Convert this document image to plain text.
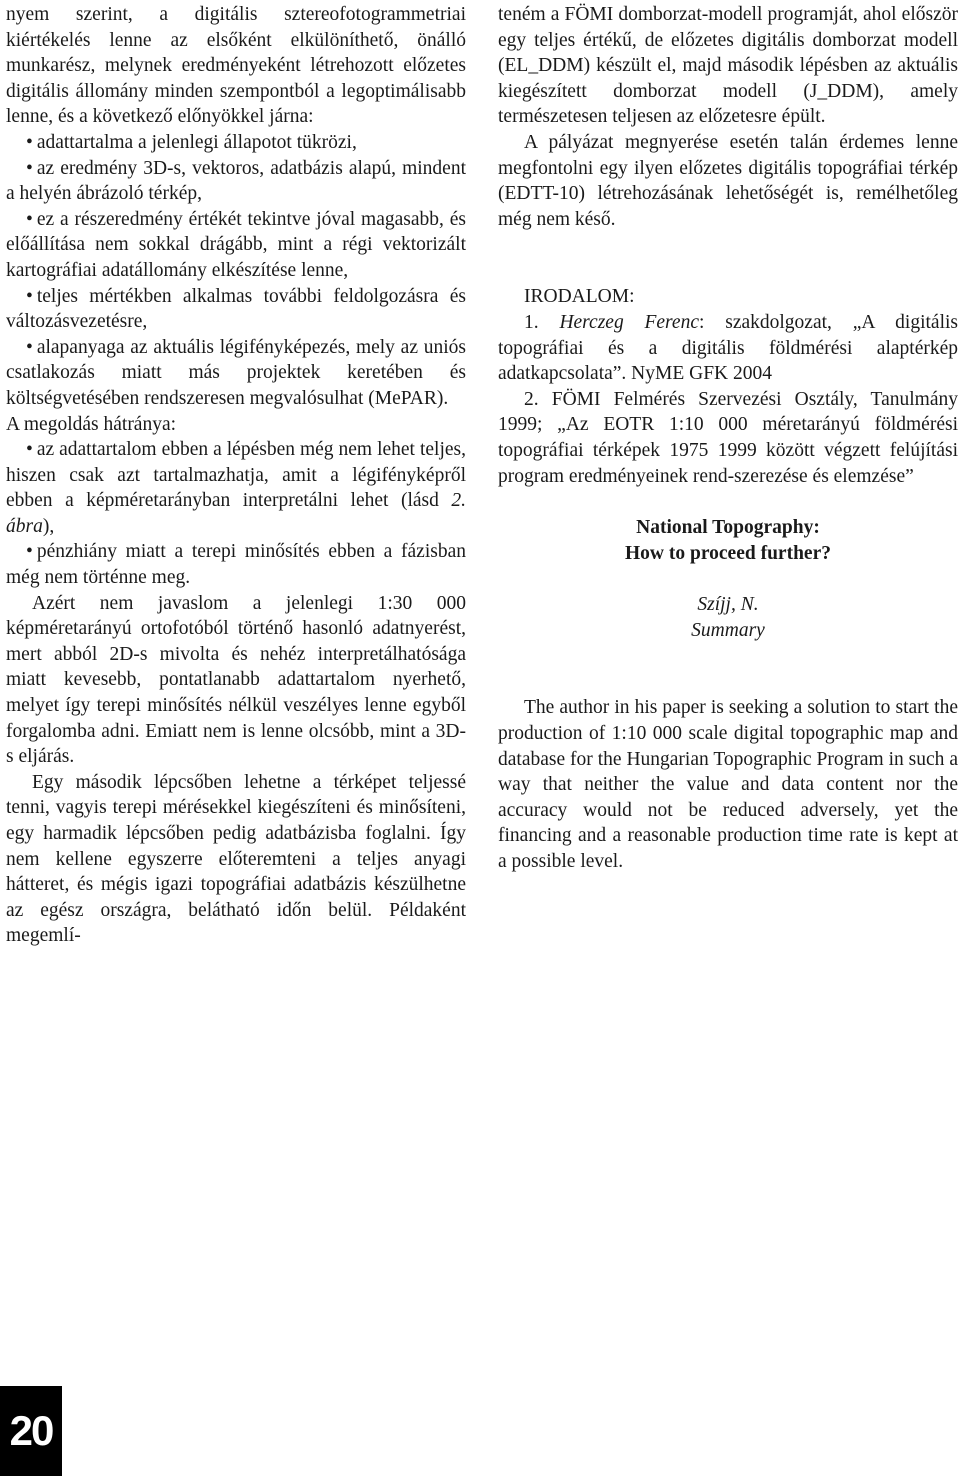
nyem szerint, a digitális sztereofotogrammetriai kiértékelés lenne az elsőként elkülöníthető, önálló munkarész, melynek eredményeként létrehozott előzetes digitális állomány minden szempontból a legoptimálisabb lenne, és a következő előnyökkel járna:

• adattartalma a jelenlegi állapotot tükrözi,

• az eredmény 3D-s, vektoros, adatbázis alapú, mindent a helyén ábrázoló térkép,

• ez a részeredmény értékét tekintve jóval magasabb, és előállítása nem sokkal drágább, mint a régi vektorizált kartográfiai adatállomány elkészítése lenne,

• teljes mértékben alkalmas további feldolgozásra és változásvezetésre,

• alapanyaga az aktuális légifényképezés, mely az uniós csatlakozás miatt más projektek keretében és költségvetésében rendszeresen megvalósulhat (MePAR).

A megoldás hátránya:

• az adattartalom ebben a lépésben még nem lehet teljes, hiszen csak azt tartalmazhatja, amit a légifényképről ebben a képméretarányban interpretálni lehet (lásd 2. ábra),

• pénzhiány miatt a terepi minősítés ebben a fázisban még nem történne meg.

Azért nem javaslom a jelenlegi 1:30 000 képméretarányú ortofotóból történő hasonló adatnyerést, mert abból 2D-s mivolta és nehéz interpretálhatósága miatt kevesebb, pontatlanabb adattartalom nyerhető, melyet így terepi minősítés nélkül veszélyes lenne egyből forgalomba adni. Emiatt nem is lenne olcsóbb, mint a 3D-s eljárás.

Egy második lépcsőben lehetne a térképet teljessé tenni, vagyis terepi mérésekkel kiegészíteni és minősíteni, egy harmadik lépcsőben pedig adatbázisba foglalni. Így nem kellene egyszerre előteremteni a teljes anyagi hátteret, és mégis igazi topográfiai adatbázis készülhetne az egész országra, belátható időn belül. Példaként megemlí-

teném a FÖMI domborzat-modell programját, ahol először egy teljes értékű, de előzetes digitális domborzat modell (EL_DDM) készült el, majd második lépésben az aktuális kiegészített domborzat modell (J_DDM), amely természetesen teljesen az előzetesre épült.

A pályázat megnyerése esetén talán érdemes lenne megfontolni egy ilyen előzetes digitális topográfiai térkép (EDTT-10) létrehozásának lehetőségét is, remélhetőleg még nem késő.

IRODALOM:

1. Herczeg Ferenc: szakdolgozat, „A digitális topográfiai és a digitális földmérési alaptérkép adatkapcsolata”. NyME GFK 2004

2. FÖMI Felmérés Szervezési Osztály, Tanulmány 1999; „Az EOTR 1:10 000 méretarányú földmérési topográfiai térképek 1975 1999 között végzett felújítási program eredményeinek rend-szerezése és elemzése”

National Topography:

How to proceed further?

Szíjj, N.

Summary

The author in his paper is seeking a solution to start the production of 1:10 000 scale digital topographic map and database for the Hungarian Topographic Program in such a way that neither the value and data content nor the accuracy would not be reduced adversely, yet the financing and a reasonable production time rate is kept at a possible level.

20
